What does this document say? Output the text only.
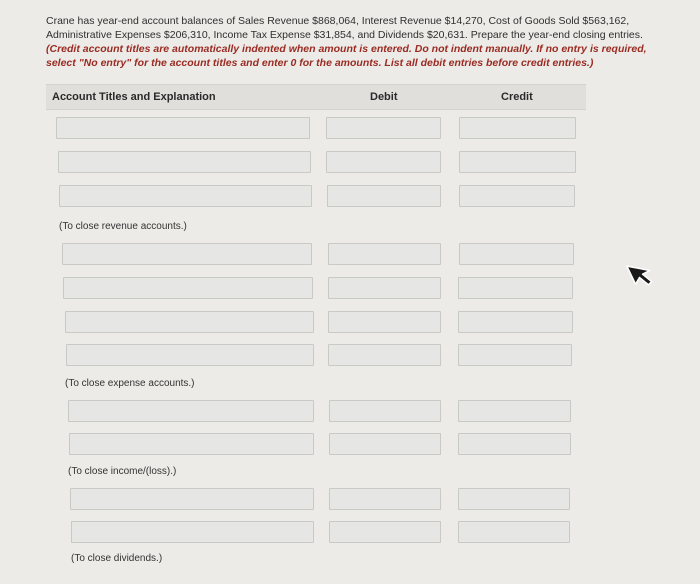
Crane has year-end account balances of Sales Revenue $868,064, Interest Revenue $14,270, Cost of Goods Sold $563,162, Administrative Expenses $206,310, Income Tax Expense $31,854, and Dividends $20,631. Prepare the year-end closing entries.
(Credit account titles are automatically indented when amount is entered. Do not indent manually. If no entry is required, select "No entry" for the account titles and enter 0 for the amounts. List all debit entries before credit entries.)
Account Titles and Explanation	Debit	Credit
(To close revenue accounts.)
(To close expense accounts.)
(To close income/(loss).)
(To close dividends.)
